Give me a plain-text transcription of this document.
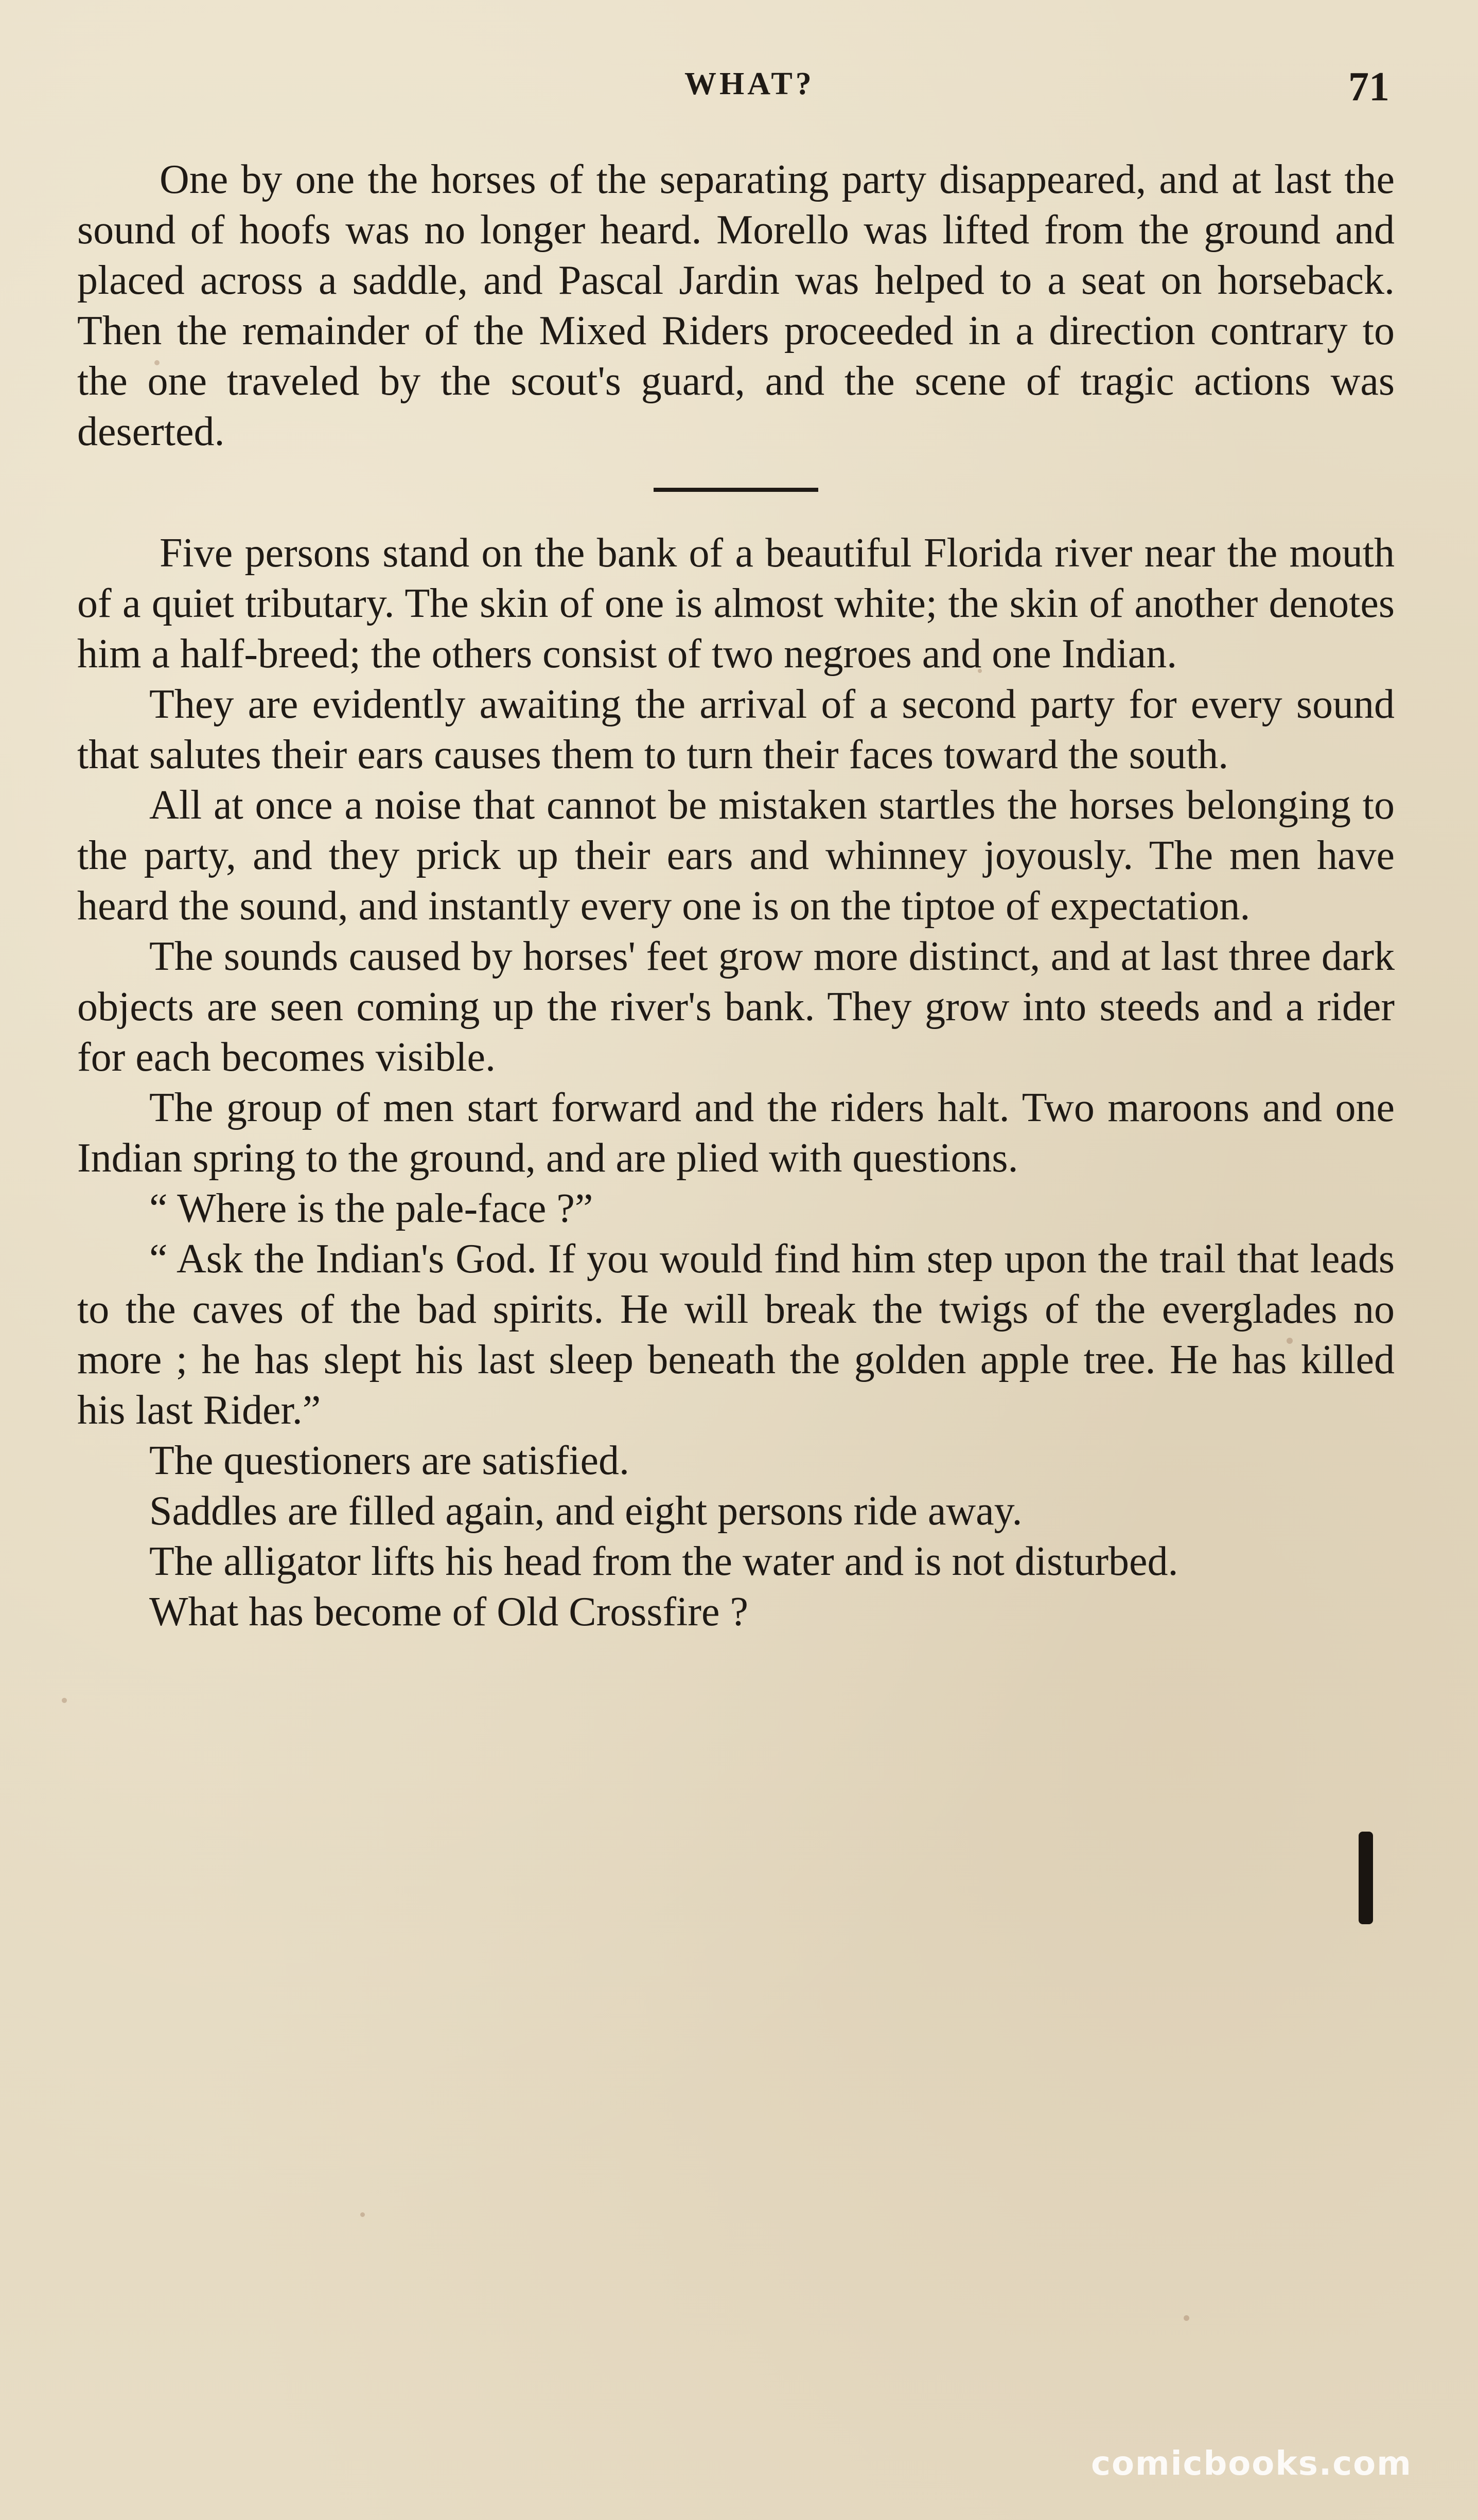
WHAT?	71

One by one the horses of the separating party disappeared, and at last the sound of hoofs was no longer heard. Morello was lifted from the ground and placed across a saddle, and Pascal Jardin was helped to a seat on horseback. Then the remainder of the Mixed Riders proceeded in a direction contrary to the one traveled by the scout's guard, and the scene of tragic actions was deserted.

Five persons stand on the bank of a beautiful Florida river near the mouth of a quiet tributary. The skin of one is almost white; the skin of another denotes him a half-breed; the others consist of two negroes and one Indian.

They are evidently awaiting the arrival of a second party for every sound that salutes their ears causes them to turn their faces toward the south.

All at once a noise that cannot be mistaken startles the horses belonging to the party, and they prick up their ears and whinney joyously. The men have heard the sound, and instantly every one is on the tiptoe of expectation.

The sounds caused by horses' feet grow more distinct, and at last three dark objects are seen coming up the river's bank. They grow into steeds and a rider for each becomes visible.

The group of men start forward and the riders halt. Two maroons and one Indian spring to the ground, and are plied with questions.

“ Where is the pale-face ?”

“ Ask the Indian's God. If you would find him step upon the trail that leads to the caves of the bad spirits. He will break the twigs of the everglades no more ; he has slept his last sleep beneath the golden apple tree. He has killed his last Rider.”

The questioners are satisfied.

Saddles are filled again, and eight persons ride away.

The alligator lifts his head from the water and is not disturbed.

What has become of Old Crossfire ?

comicbooks.com
